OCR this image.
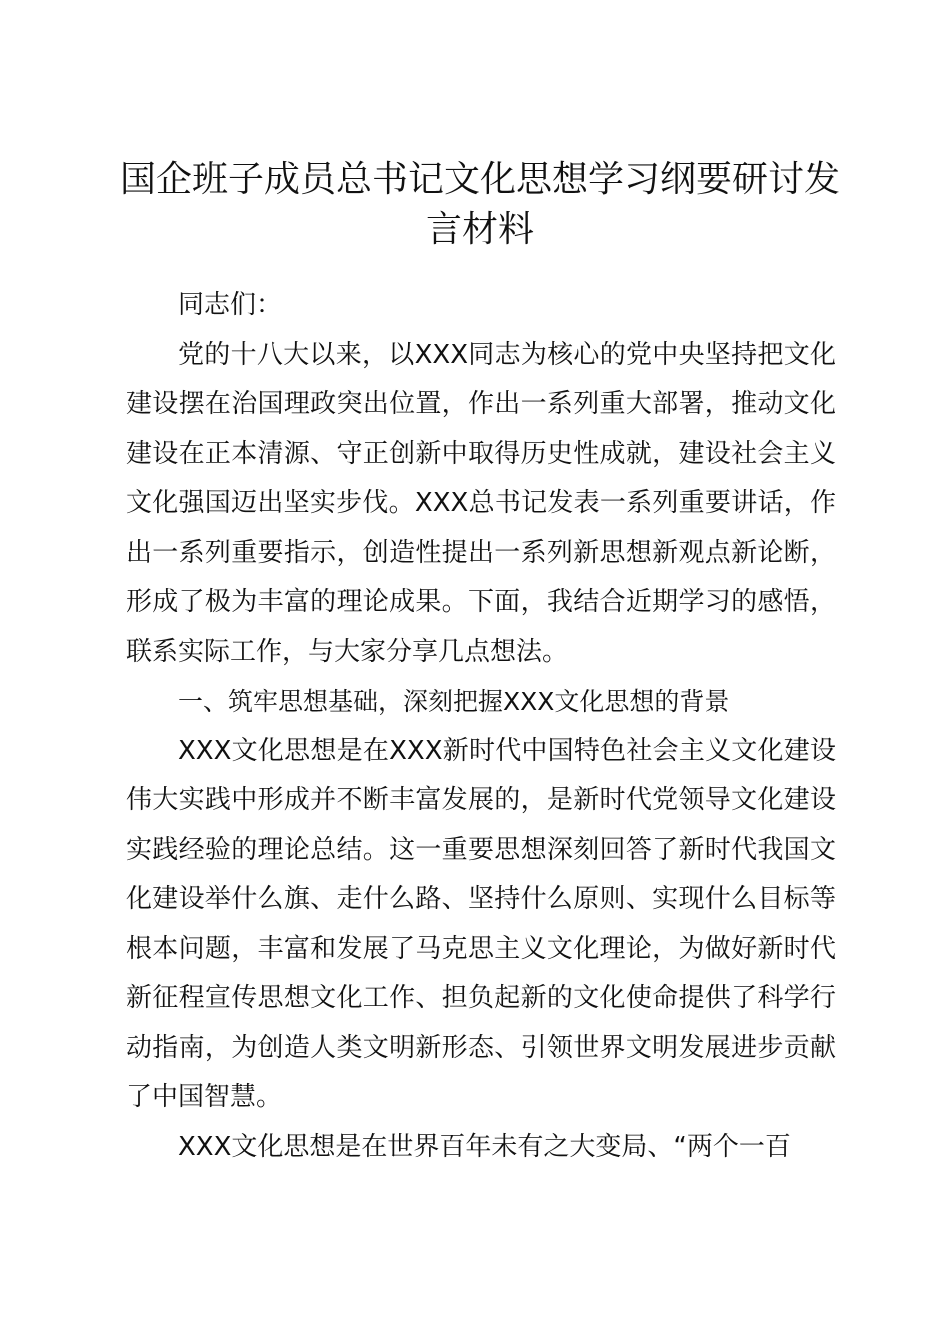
国企班子成员总书记文化思想学习纲要研讨发言材料

同志们：

党的十八大以来，以XXX同志为核心的党中央坚持把文化建设摆在治国理政突出位置，作出一系列重大部署，推动文化建设在正本清源、守正创新中取得历史性成就，建设社会主义文化强国迈出坚实步伐。XXX总书记发表一系列重要讲话，作出一系列重要指示，创造性提出一系列新思想新观点新论断，形成了极为丰富的理论成果。下面，我结合近期学习的感悟，联系实际工作，与大家分享几点想法。

一、筑牢思想基础，深刻把握XXX文化思想的背景

XXX文化思想是在XXX新时代中国特色社会主义文化建设伟大实践中形成并不断丰富发展的，是新时代党领导文化建设实践经验的理论总结。这一重要思想深刻回答了新时代我国文化建设举什么旗、走什么路、坚持什么原则、实现什么目标等根本问题，丰富和发展了马克思主义文化理论，为做好新时代新征程宣传思想文化工作、担负起新的文化使命提供了科学行动指南，为创造人类文明新形态、引领世界文明发展进步贡献了中国智慧。

XXX文化思想是在世界百年未有之大变局、“两个一百
